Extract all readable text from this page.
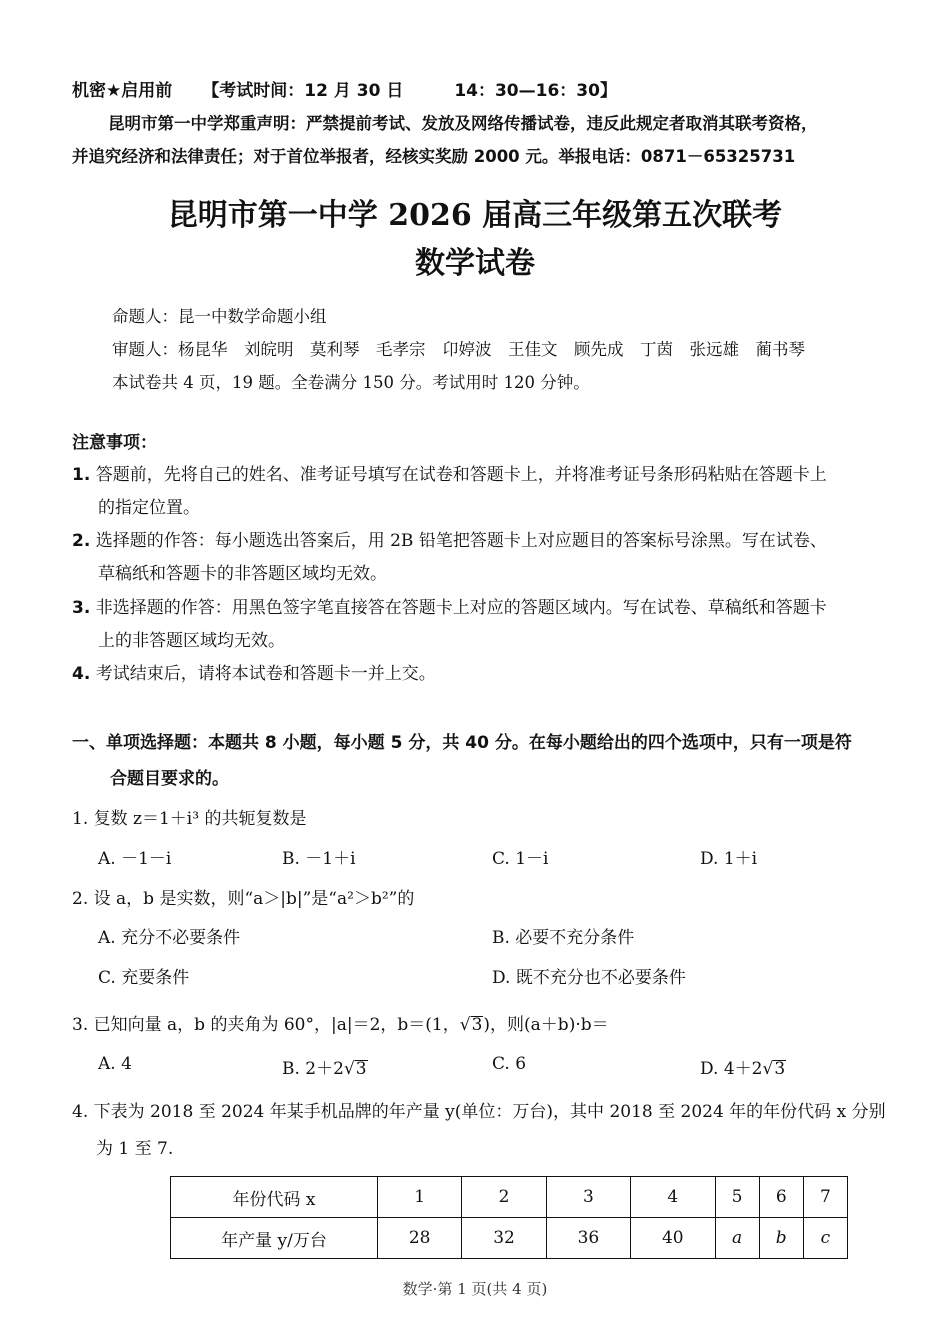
机密★启用前 【考试时间：12 月 30 日　　　14：30—16：30】
昆明市第一中学郑重声明：严禁提前考试、发放及网络传播试卷，违反此规定者取消其联考资格，
并追究经济和法律责任；对于首位举报者，经核实奖励 2000 元。举报电话：0871－65325731
昆明市第一中学 2026 届高三年级第五次联考
数学试卷
命题人：昆一中数学命题小组
审题人：杨昆华　刘皖明　莫利琴　毛孝宗　卬婷波　王佳文　顾先成　丁茵　张远雄　蔺书琴
本试卷共 4 页，19 题。全卷满分 150 分。考试用时 120 分钟。
注意事项：
1. 答题前，先将自己的姓名、准考证号填写在试卷和答题卡上，并将准考证号条形码粘贴在答题卡上
的指定位置。
2. 选择题的作答：每小题选出答案后，用 2B 铅笔把答题卡上对应题目的答案标号涂黑。写在试卷、
草稿纸和答题卡的非答题区域均无效。
3. 非选择题的作答：用黑色签字笔直接答在答题卡上对应的答题区域内。写在试卷、草稿纸和答题卡
上的非答题区域均无效。
4. 考试结束后，请将本试卷和答题卡一并上交。
一、单项选择题：本题共 8 小题，每小题 5 分，共 40 分。在每小题给出的四个选项中，只有一项是符
合题目要求的。
1. 复数 z＝1＋i³ 的共轭复数是
A. －1－i	B. －1＋i	C. 1－i	D. 1＋i
2. 设 a，b 是实数，则“a＞|b|”是“a²＞b²”的
A. 充分不必要条件	B. 必要不充分条件
C. 充要条件	D. 既不充分也不必要条件
3. 已知向量 a，b 的夹角为 60°，|a|＝2，b＝(1，√3)，则(a＋b)·b＝
A. 4	B. 2＋2√3	C. 6	D. 4＋2√3
4. 下表为 2018 至 2024 年某手机品牌的年产量 y(单位：万台)，其中 2018 至 2024 年的年份代码 x 分别
为 1 至 7.
年份代码 x	1	2	3	4	5	6	7
年产量 y/万台	28	32	36	40	a	b	c
数学·第 1 页(共 4 页)
